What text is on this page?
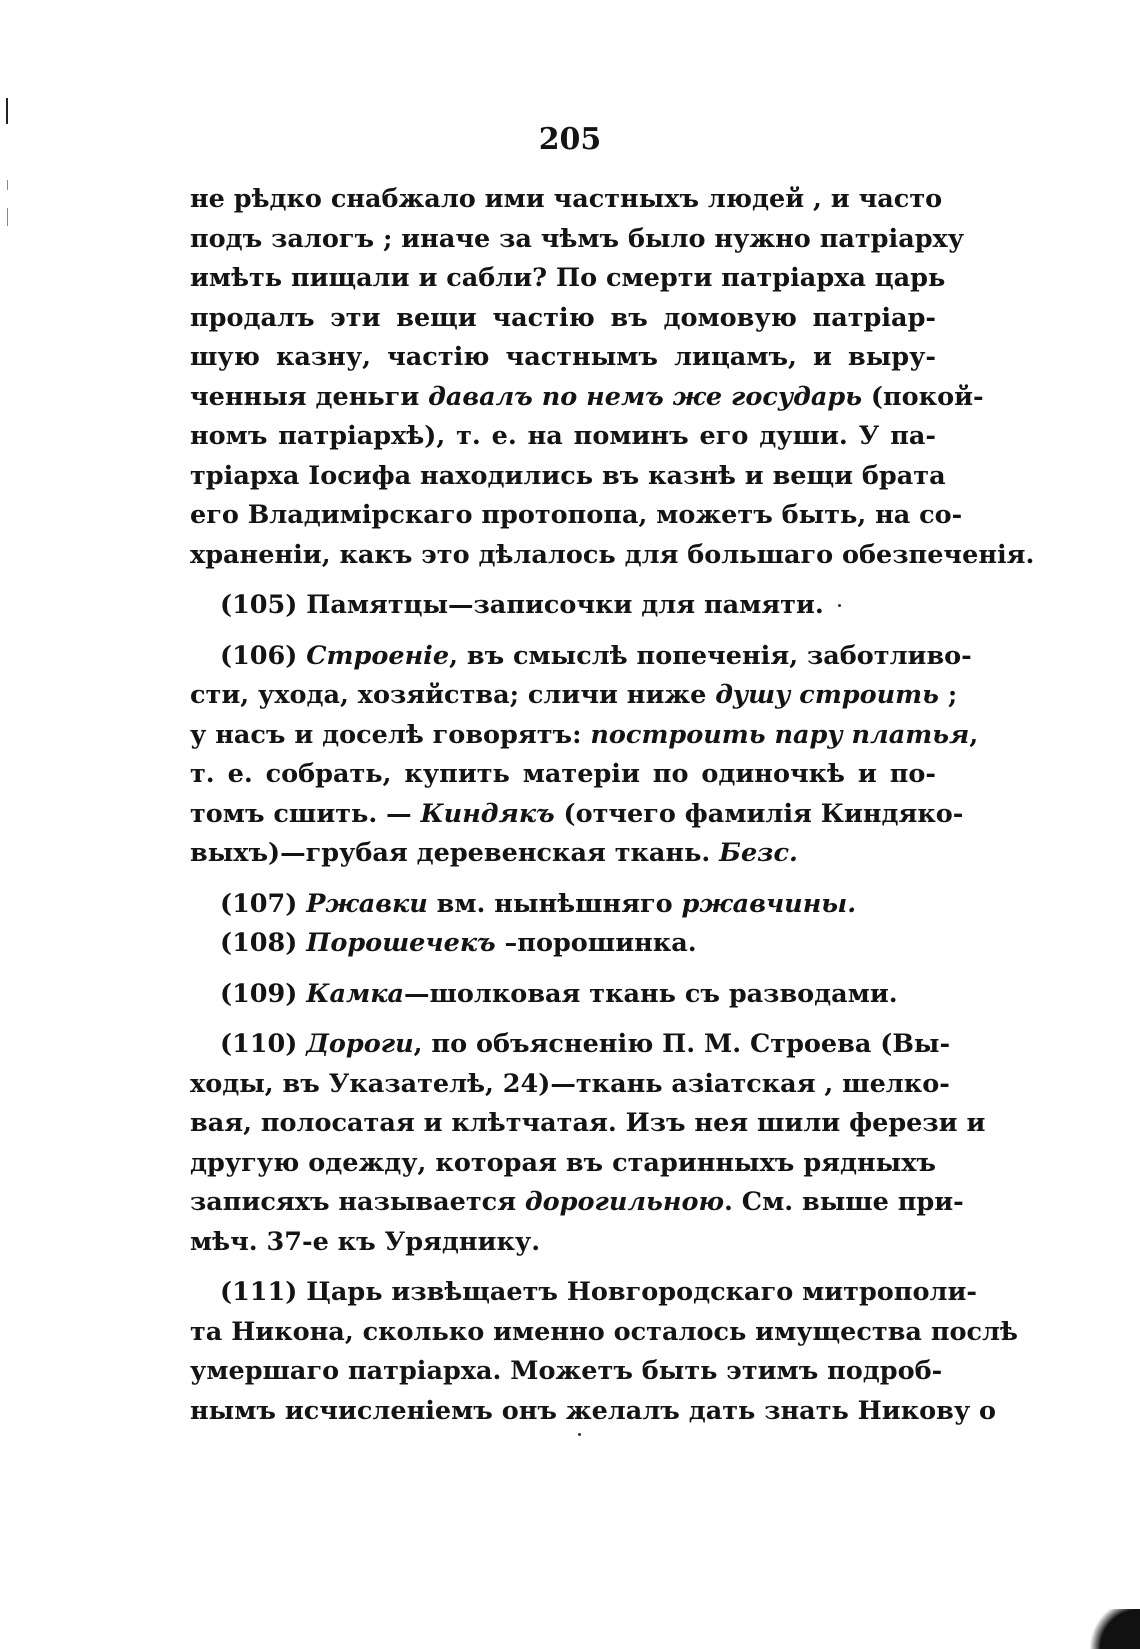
205
не рѣдко снабжало ими частныхъ людей , и часто
подъ залогъ ; иначе за чѣмъ было нужно патріарху
имѣть пищали и сабли? По смерти патріарха царь
продалъ эти вещи частію въ домовую патріар-
шую казну, частію частнымъ лицамъ, и выру-
ченныя деньги давалъ по немъ же государь (покой-
номъ патріархѣ), т. е. на поминъ его души. У па-
тріарха Іосифа находились въ казнѣ и вещи брата
его Владимірскаго протопопа, можетъ быть, на со-
храненіи, какъ это дѣлалось для большаго обезпеченія.
(105) Памятцы—записочки для памяти.
(106) Строеніе, въ смыслѣ попеченія, заботливо-
сти, ухода, хозяйства; сличи ниже душу строить ;
у насъ и доселѣ говорятъ: построить пару платья,
т. е. собрать, купить матеріи по одиночкѣ и по-
томъ сшить. — Киндякъ (отчего фамилія Киндяко-
выхъ)—грубая деревенская ткань. Безс.
(107) Ржавки вм. нынѣшняго ржавчины.
(108) Порошечекъ –порошинка.
(109) Камка—шолковая ткань съ разводами.
(110) Дороги, по объясненію П. М. Строева (Вы-
ходы, въ Указателѣ, 24)—ткань азіатская , шелко-
вая, полосатая и клѣтчатая. Изъ нея шили ферези и
другую одежду, которая въ старинныхъ рядныхъ
записяхъ называется дорогильною. См. выше при-
мѣч. 37-е къ Уряднику.
(111) Царь извѣщаетъ Новгородскаго митрополи-
та Никона, сколько именно осталось имущества послѣ
умершаго патріарха. Можетъ быть этимъ подроб-
нымъ исчисленіемъ онъ желалъ дать знать Никову о
